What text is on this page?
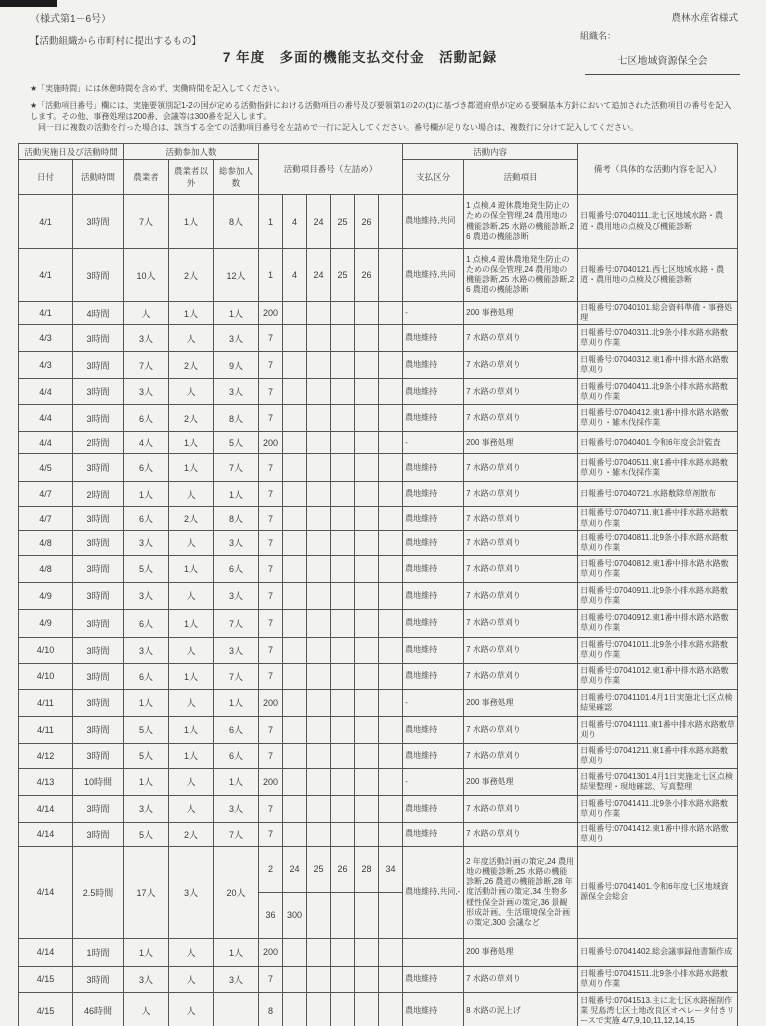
（様式第1－6号）	農林水産省様式
【活動組織から市町村に提出するもの】	組織名：
7 年度　多面的機能支払交付金　活動記録	七区地域資源保全会
★「実施時間」には休憩時間を含めず、実働時間を記入してください。
★「活動項目番号」欄には、実施要領別記1-2の国が定める活動指針における活動項目の番号及び要領第1の2の(1)に基づき都道府県が定める要綱基本方針において追加された活動項目の番号を記入します。その他、事務処理は200番、会議等は300番を記入します。
　同一日に複数の活動を行った場合は、該当する全ての活動項目番号を左詰めで一行に記入してください。番号欄が足りない場合は、複数行に分けて記入してください。
活動実施日及び活動時間		活動参加人数			活動項目番号（左詰め）						活動内容		備考（具体的な活動内容を記入）
日付	活動時間	農業者	農業者以外	総参加人数							支払区分	活動項目	
4/1	3時間	7人	1人	8人	1	4	24	25	26		農地維持,共同	1 点検,4 遊休農地発生防止のための保全管理,24 農用地の機能診断,25 水路の機能診断,26 農道の機能診断	日報番号:07040111.北七区地域水路・農道・農用地の点検及び機能診断
4/1	3時間	10人	2人	12人	1	4	24	25	26		農地維持,共同	1 点検,4 遊休農地発生防止のための保全管理,24 農用地の機能診断,25 水路の機能診断,26 農道の機能診断	日報番号:07040121.西七区地域水路・農道・農用地の点検及び機能診断
4/1	4時間	人	1人	1人	200						-	200 事務処理	日報番号:07040101.総会資料準備・事務処理
4/3	3時間	3人	人	3人	7						農地維持	7 水路の草刈り	日報番号:07040311.北9条小排水路水路敷草刈り作業
4/3	3時間	7人	2人	9人	7						農地維持	7 水路の草刈り	日報番号:07040312.東1番中排水路水路敷草刈り
4/4	3時間	3人	人	3人	7						農地維持	7 水路の草刈り	日報番号:07040411.北9条小排水路水路敷草刈り作業
4/4	3時間	6人	2人	8人	7						農地維持	7 水路の草刈り	日報番号:07040412.東1番中排水路水路敷草刈り・雑木伐採作業
4/4	2時間	4人	1人	5人	200						-	200 事務処理	日報番号:07040401.令和6年度会計監査
4/5	3時間	6人	1人	7人	7						農地維持	7 水路の草刈り	日報番号:07040511.東1番中排水路水路敷草刈り・雑木伐採作業
4/7	2時間	1人	人	1人	7						農地維持	7 水路の草刈り	日報番号:07040721.水路敷除草剤散布
4/7	3時間	6人	2人	8人	7						農地維持	7 水路の草刈り	日報番号:07040711.東1番中排水路水路敷草刈り作業
4/8	3時間	3人	人	3人	7						農地維持	7 水路の草刈り	日報番号:07040811.北9条小排水路水路敷草刈り作業
4/8	3時間	5人	1人	6人	7						農地維持	7 水路の草刈り	日報番号:07040812.東1番中排水路水路敷草刈り作業
4/9	3時間	3人	人	3人	7						農地維持	7 水路の草刈り	日報番号:07040911.北9条小排水路水路敷草刈り作業
4/9	3時間	6人	1人	7人	7						農地維持	7 水路の草刈り	日報番号:07040912.東1番中排水路水路敷草刈り作業
4/10	3時間	3人	人	3人	7						農地維持	7 水路の草刈り	日報番号:07041011.北9条小排水路水路敷草刈り作業
4/10	3時間	6人	1人	7人	7						農地維持	7 水路の草刈り	日報番号:07041012.東1番中排水路水路敷草刈り作業
4/11	3時間	1人	人	1人	200						-	200 事務処理	日報番号:07041101.4月1日実施北七区点検結果確認
4/11	3時間	5人	1人	6人	7						農地維持	7 水路の草刈り	日報番号:07041111.東1番中排水路水路敷草刈り
4/12	3時間	5人	1人	6人	7						農地維持	7 水路の草刈り	日報番号:07041211.東1番中排水路水路敷草刈り
4/13	10時間	1人	人	1人	200						-	200 事務処理	日報番号:07041301.4月1日実施北七区点検結果整理・現地確認、写真整理
4/14	3時間	3人	人	3人	7						農地維持	7 水路の草刈り	日報番号:07041411.北9条小排水路水路敷草刈り作業
4/14	3時間	5人	2人	7人	7						農地維持	7 水路の草刈り	日報番号:07041412.東1番中排水路水路敷草刈り
4/14	2.5時間	17人	3人	20人	2	24	25	26	28	34	農地維持,共同,-	2 年度活動計画の策定,24 農用地の機能診断,25 水路の機能診断,26 農道の機能診断,28 年度活動計画の策定,34 生物多様性保全計画の策定,36 景観形成計画、生活環境保全計画の策定,300 会議など	日報番号:07041401.令和6年度七区地域資源保全会総会
					36	300							
4/14	1時間	1人	人	1人	200							200 事務処理	日報番号:07041402.総会議事録他書類作成
4/15	3時間	3人	人	3人	7						農地維持	7 水路の草刈り	日報番号:07041511.北9条小排水路水路敷草刈り作業
4/15	46時間	人	人		8						農地維持	8 水路の泥上げ	日報番号:07041513.主に北七区水路掘削作業 児島湾七区土地改良区オペレータ付きリースで実施 4/7,9,10,11,12,14,15
